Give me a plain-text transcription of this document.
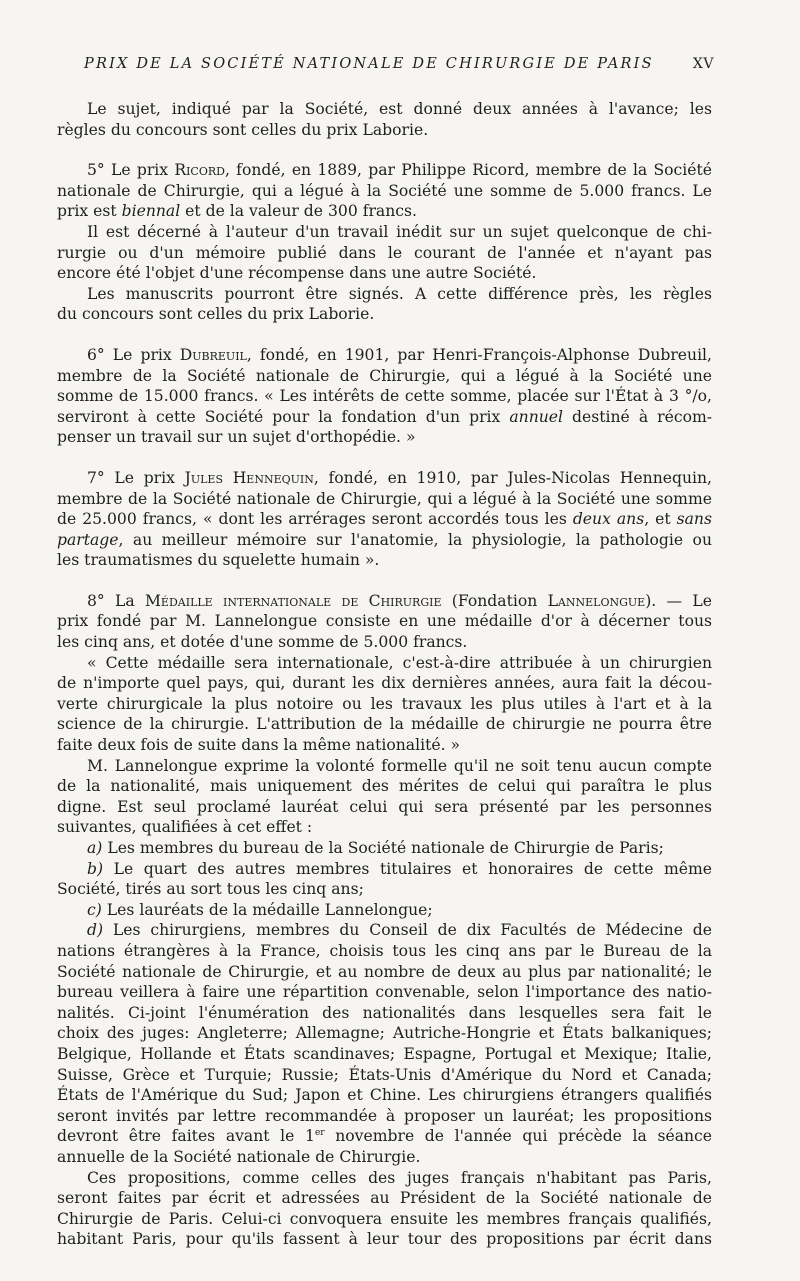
PRIX DE LA SOCIÉTÉ NATIONALE DE CHIRURGIE DE PARIS	XV
Le sujet, indiqué par la Société, est donné deux années à l'avance; les
règles du concours sont celles du prix Laborie.
5° Le prix Ricord, fondé, en 1889, par Philippe Ricord, membre de la Société
nationale de Chirurgie, qui a légué à la Société une somme de 5.000 francs. Le
prix est biennal et de la valeur de 300 francs.
Il est décerné à l'auteur d'un travail inédit sur un sujet quelconque de chi-
rurgie ou d'un mémoire publié dans le courant de l'année et n'ayant pas
encore été l'objet d'une récompense dans une autre Société.
Les manuscrits pourront être signés. A cette différence près, les règles
du concours sont celles du prix Laborie.
6° Le prix Dubreuil, fondé, en 1901, par Henri-François-Alphonse Dubreuil,
membre de la Société nationale de Chirurgie, qui a légué à la Société une
somme de 15.000 francs. « Les intérêts de cette somme, placée sur l'État à 3 °/o,
serviront à cette Société pour la fondation d'un prix annuel destiné à récom-
penser un travail sur un sujet d'orthopédie. »
7° Le prix Jules Hennequin, fondé, en 1910, par Jules-Nicolas Hennequin,
membre de la Société nationale de Chirurgie, qui a légué à la Société une somme
de 25.000 francs, « dont les arrérages seront accordés tous les deux ans, et sans
partage, au meilleur mémoire sur l'anatomie, la physiologie, la pathologie ou
les traumatismes du squelette humain ».
8° La Médaille internationale de Chirurgie (Fondation Lannelongue). — Le
prix fondé par M. Lannelongue consiste en une médaille d'or à décerner tous
les cinq ans, et dotée d'une somme de 5.000 francs.
« Cette médaille sera internationale, c'est-à-dire attribuée à un chirurgien
de n'importe quel pays, qui, durant les dix dernières années, aura fait la décou-
verte chirurgicale la plus notoire ou les travaux les plus utiles à l'art et à la
science de la chirurgie. L'attribution de la médaille de chirurgie ne pourra être
faite deux fois de suite dans la même nationalité. »
M. Lannelongue exprime la volonté formelle qu'il ne soit tenu aucun compte
de la nationalité, mais uniquement des mérites de celui qui paraîtra le plus
digne. Est seul proclamé lauréat celui qui sera présenté par les personnes
suivantes, qualifiées à cet effet :
a) Les membres du bureau de la Société nationale de Chirurgie de Paris;
b) Le quart des autres membres titulaires et honoraires de cette même
Société, tirés au sort tous les cinq ans;
c) Les lauréats de la médaille Lannelongue;
d) Les chirurgiens, membres du Conseil de dix Facultés de Médecine de
nations étrangères à la France, choisis tous les cinq ans par le Bureau de la
Société nationale de Chirurgie, et au nombre de deux au plus par nationalité; le
bureau veillera à faire une répartition convenable, selon l'importance des natio-
nalités. Ci-joint l'énumération des nationalités dans lesquelles sera fait le
choix des juges: Angleterre; Allemagne; Autriche-Hongrie et États balkaniques;
Belgique, Hollande et États scandinaves; Espagne, Portugal et Mexique; Italie,
Suisse, Grèce et Turquie; Russie; États-Unis d'Amérique du Nord et Canada;
États de l'Amérique du Sud; Japon et Chine. Les chirurgiens étrangers qualifiés
seront invités par lettre recommandée à proposer un lauréat; les propositions
devront être faites avant le 1er novembre de l'année qui précède la séance
annuelle de la Société nationale de Chirurgie.
Ces propositions, comme celles des juges français n'habitant pas Paris,
seront faites par écrit et adressées au Président de la Société nationale de
Chirurgie de Paris. Celui-ci convoquera ensuite les membres français qualifiés,
habitant Paris, pour qu'ils fassent à leur tour des propositions par écrit dans
